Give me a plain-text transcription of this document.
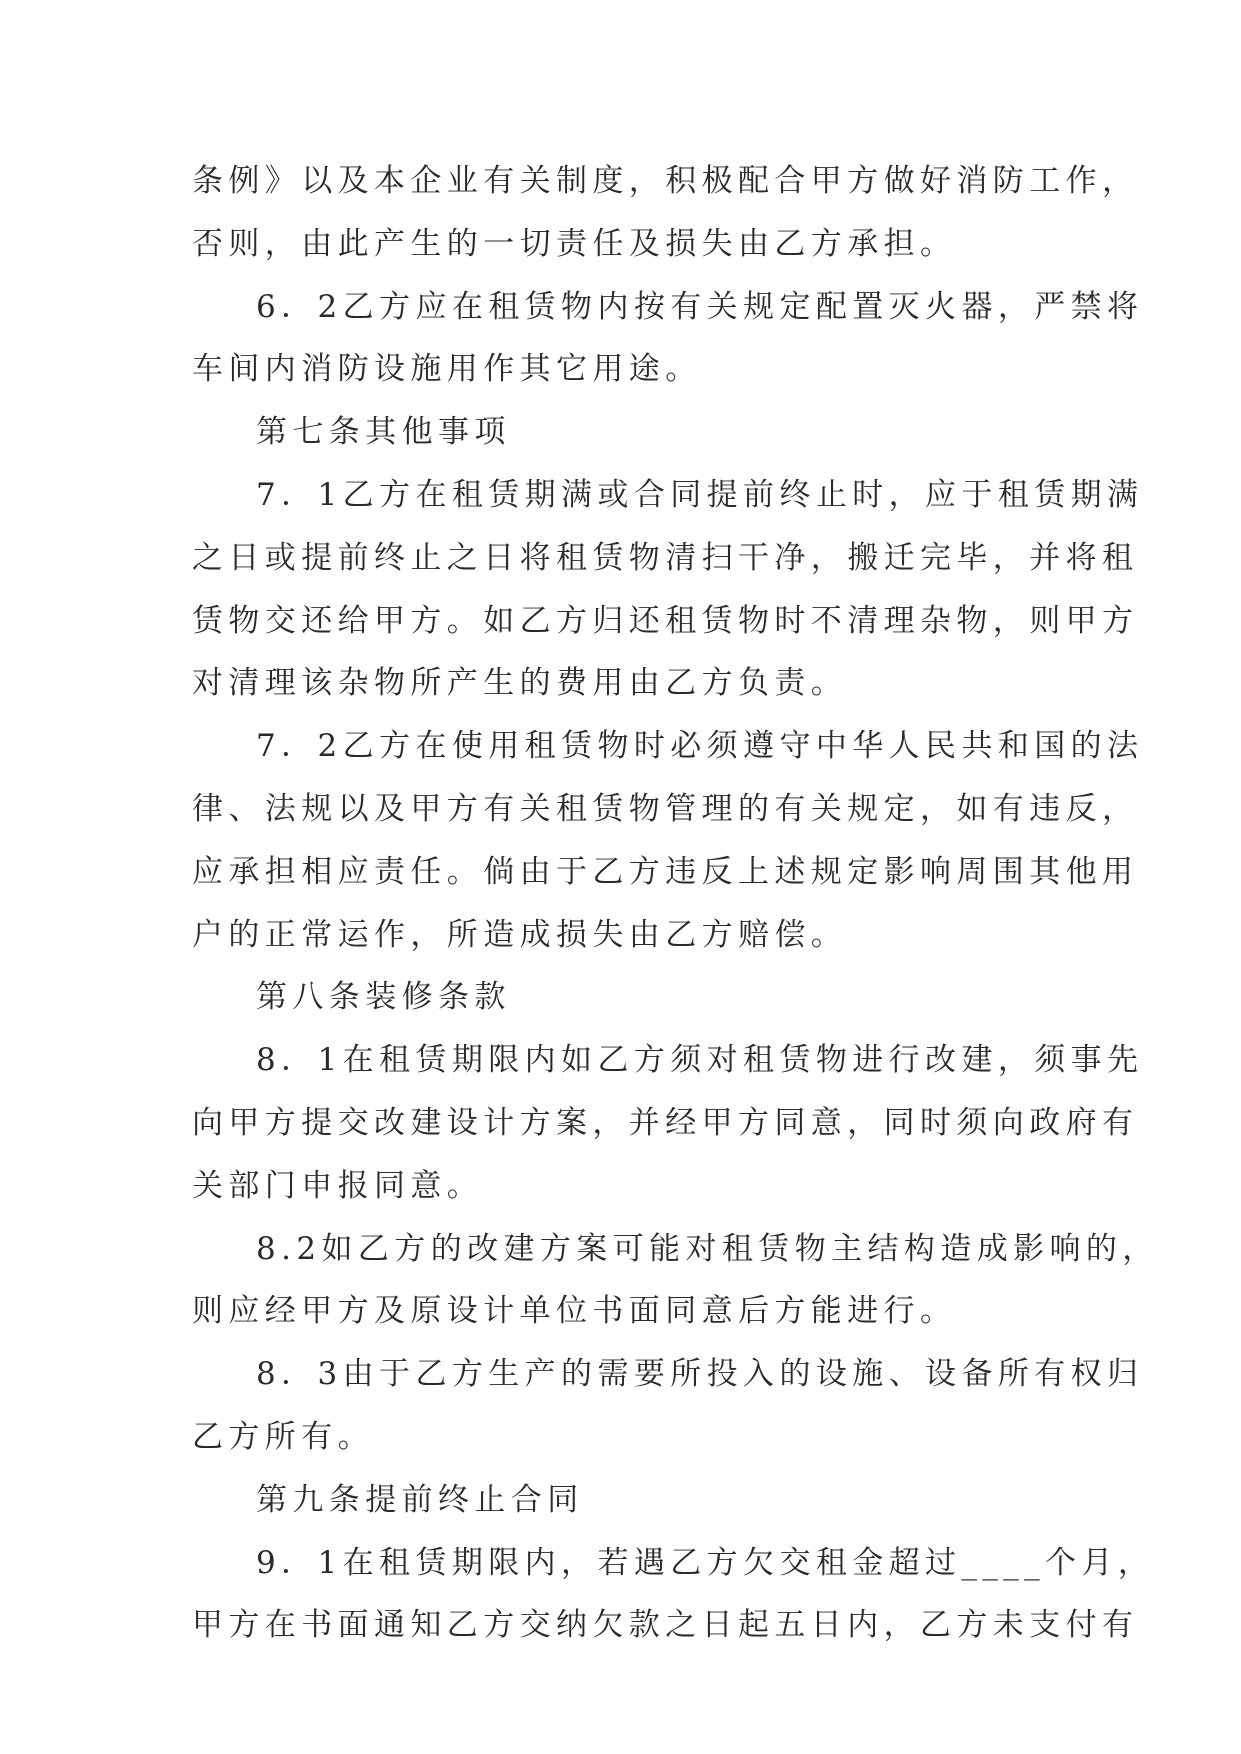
条例》以及本企业有关制度，积极配合甲方做好消防工作，
否则，由此产生的一切责任及损失由乙方承担。
6．2乙方应在租赁物内按有关规定配置灭火器，严禁将
车间内消防设施用作其它用途。
第七条其他事项
7．1乙方在租赁期满或合同提前终止时，应于租赁期满
之日或提前终止之日将租赁物清扫干净，搬迁完毕，并将租
赁物交还给甲方。如乙方归还租赁物时不清理杂物，则甲方
对清理该杂物所产生的费用由乙方负责。
7．2乙方在使用租赁物时必须遵守中华人民共和国的法
律、法规以及甲方有关租赁物管理的有关规定，如有违反，
应承担相应责任。倘由于乙方违反上述规定影响周围其他用
户的正常运作，所造成损失由乙方赔偿。
第八条装修条款
8．1在租赁期限内如乙方须对租赁物进行改建，须事先
向甲方提交改建设计方案，并经甲方同意，同时须向政府有
关部门申报同意。
8.2如乙方的改建方案可能对租赁物主结构造成影响的，
则应经甲方及原设计单位书面同意后方能进行。
8．3由于乙方生产的需要所投入的设施、设备所有权归
乙方所有。
第九条提前终止合同
9．1在租赁期限内，若遇乙方欠交租金超过____个月，
甲方在书面通知乙方交纳欠款之日起五日内，乙方未支付有
